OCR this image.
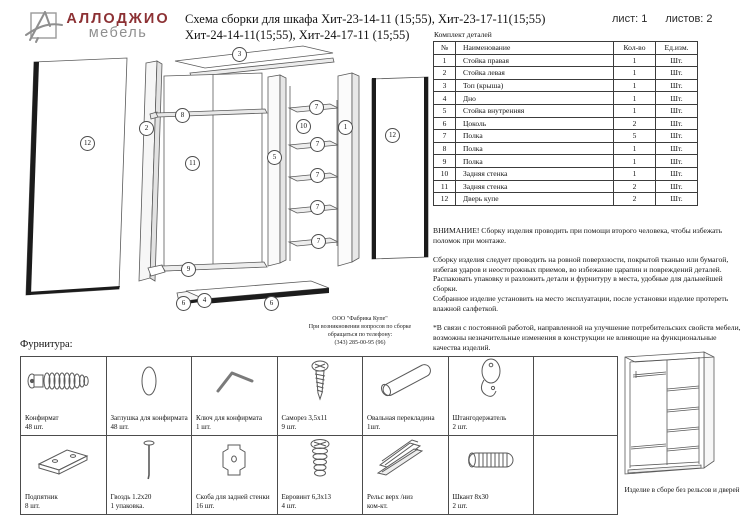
АЛЛОДЖИО
мебель
Схема сборки для шкафа Хит-23-14-11 (15;55), Хит-23-17-11(15;55)
Хит-24-14-11(15;55), Хит-24-17-11 (15;55)
лист: 1 листов: 2
Комплект деталей
№	Наименование	Кол-во	Ед.изм.
1	Стойка правая	1	Шт.
2	Стойка левая	1	Шт.
3	Топ (крыша)	1	Шт.
4	Дно	1	Шт.
5	Стойка внутренняя	1	Шт.
6	Цоколь	2	Шт.
7	Полка	5	Шт.
8	Полка	1	Шт.
9	Полка	1	Шт.
10	Задняя стенка	1	Шт.
11	Задняя стенка	2	Шт.
12	Дверь купе	2	Шт.
ВНИМАНИЕ! Сборку изделия проводить при помощи второго человека, чтобы избежать поломок при монтаже.
Сборку изделия следует проводить на ровной поверхности, покрытой тканью или бумагой, избегая ударов и неосторожных приемов, во избежание царапин и повреждений деталей.
Распаковать упаковку и разложить детали и фурнитуру в места, удобные для дальнейшей сборки.
Собранное изделие установить на место эксплуатации, после установки изделие протереть влажной салфеткой.
*В связи с постоянной работой, направленной на улучшение потребительских свойств мебели, возможны незначительные изменения в конструкции не влияющие на функциональные качества изделий.
ООО "Фабрика Купе"
При возникновении вопросов по сборке
обращаться по телефону:
(343) 285-00-95 (96)
3
12
2
8
11
5
7
10
7
7
7
7
1
12
9
6	4	6
Фурнитура:
Конфирмат
48 шт.
Заглушка для конфирмата
48 шт.
Ключ для конфирмата
1 шт.
Саморез 3,5х11
9 шт.
Овальная перекладина
1шт.
Штангодержатель
2 шт.
Подпятник
8 шт.
Гвоздь 1.2х20
1 упаковка.
Скоба для задней стенки
16 шт.
Евровинт 6,3х13
4 шт.
Рельс верх /низ
ком-кт.
Шкант 8х30
2 шт.
Изделие в сборе без рельсов и дверей
